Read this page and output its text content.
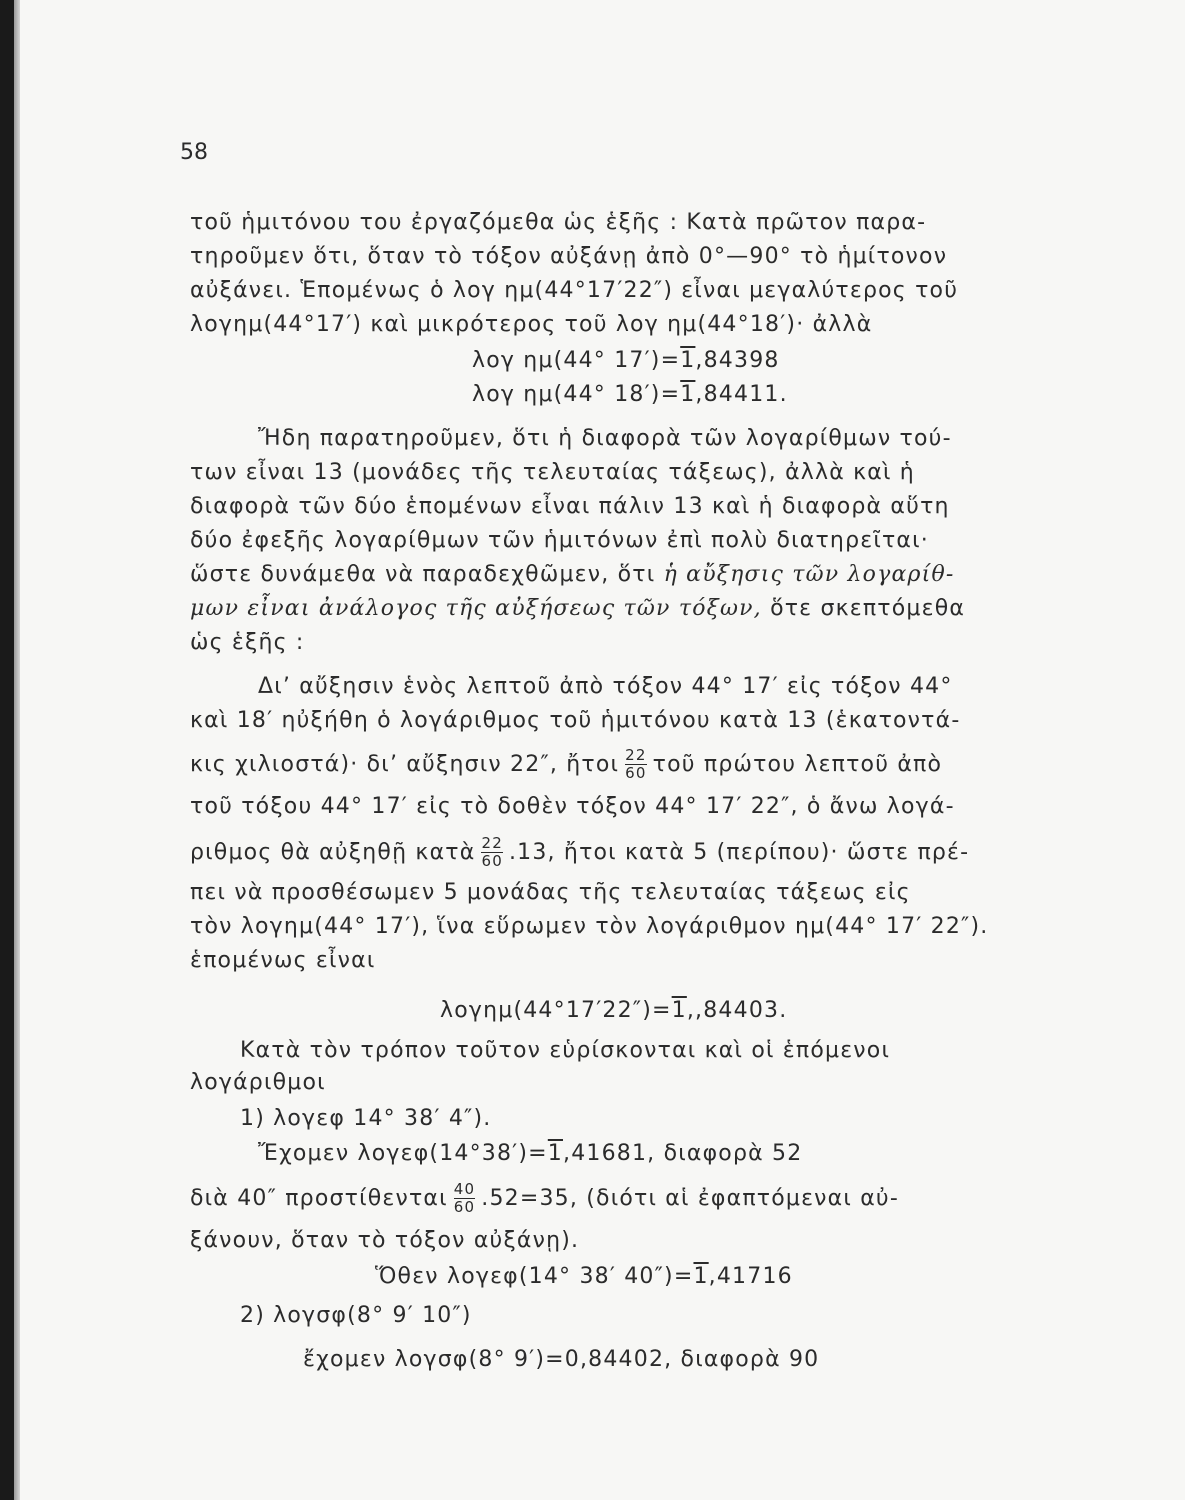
58
τοῦ ἡμιτόνου του ἐργαζόμεθα ὡς ἑξῆς : Κατὰ πρῶτον παρα-
τηροῦμεν ὅτι, ὅταν τὸ τόξον αὐξάνῃ ἀπὸ 0°—90° τὸ ἡμίτονον
αὐξάνει. Ἑπομένως ὁ λογ ημ(44°17′22″) εἶναι μεγαλύτερος τοῦ
λογημ(44°17′) καὶ μικρότερος τοῦ λογ ημ(44°18′)· ἀλλὰ
λογ ημ(44° 17′)=1,84398
λογ ημ(44° 18′)=1,84411.
Ἤδη παρατηροῦμεν, ὅτι ἡ διαφορὰ τῶν λογαρίθμων τού-
των εἶναι 13 (μονάδες τῆς τελευταίας τάξεως), ἀλλὰ καὶ ἡ
διαφορὰ τῶν δύο ἑπομένων εἶναι πάλιν 13 καὶ ἡ διαφορὰ αὕτη
δύο ἐφεξῆς λογαρίθμων τῶν ἡμιτόνων ἐπὶ πολὺ διατηρεῖται·
ὥστε δυνάμεθα νὰ παραδεχθῶμεν, ὅτι ἡ αὔξησις τῶν λογαρίθ-
μων εἶναι ἀνάλογος τῆς αὐξήσεως τῶν τόξων, ὅτε σκεπτόμεθα
ὡς ἑξῆς :
Δι’ αὔξησιν ἑνὸς λεπτοῦ ἀπὸ τόξον 44° 17′ εἰς τόξον 44°
καὶ 18′ ηὐξήθη ὁ λογάριθμος τοῦ ἡμιτόνου κατὰ 13 (ἑκατοντά-
κις χιλιοστά)· δι’ αὔξησιν 22″, ἤτοι $\frac{22}{60}$ τοῦ πρώτου λεπτοῦ ἀπὸ
τοῦ τόξου 44° 17′ εἰς τὸ δοθὲν τόξον 44° 17′ 22″, ὁ ἄνω λογά-
ριθμος θὰ αὐξηθῇ κατὰ $\frac{22}{60} .13$, ἤτοι κατὰ 5 (περίπου)· ὥστε πρέ-
πει νὰ προσθέσωμεν 5 μονάδας τῆς τελευταίας τάξεως εἰς
τὸν λογημ(44° 17′), ἵνα εὕρωμεν τὸν λογάριθμον ημ(44° 17′ 22″).
ἑπομένως εἶναι
λογημ(44°17′22″)=1,,84403.
Κατὰ τὸν τρόπον τοῦτον εὑρίσκονται καὶ οἱ ἑπόμενοι
λογάριθμοι
1) λογεφ 14° 38′ 4″).
Ἔχομεν λογεφ(14°38′)=1,41681, διαφορὰ 52
διὰ 40″ προστίθενται $\frac{40}{60} .52=35$, (διότι αἱ ἐφαπτόμεναι αὐ-
ξάνουν, ὅταν τὸ τόξον αὐξάνῃ).
Ὅθεν λογεφ(14° 38′ 40″)=1,41716
2) λογσφ(8° 9′ 10″)
ἔχομεν λογσφ(8° 9′)=0,84402, διαφορὰ 90
